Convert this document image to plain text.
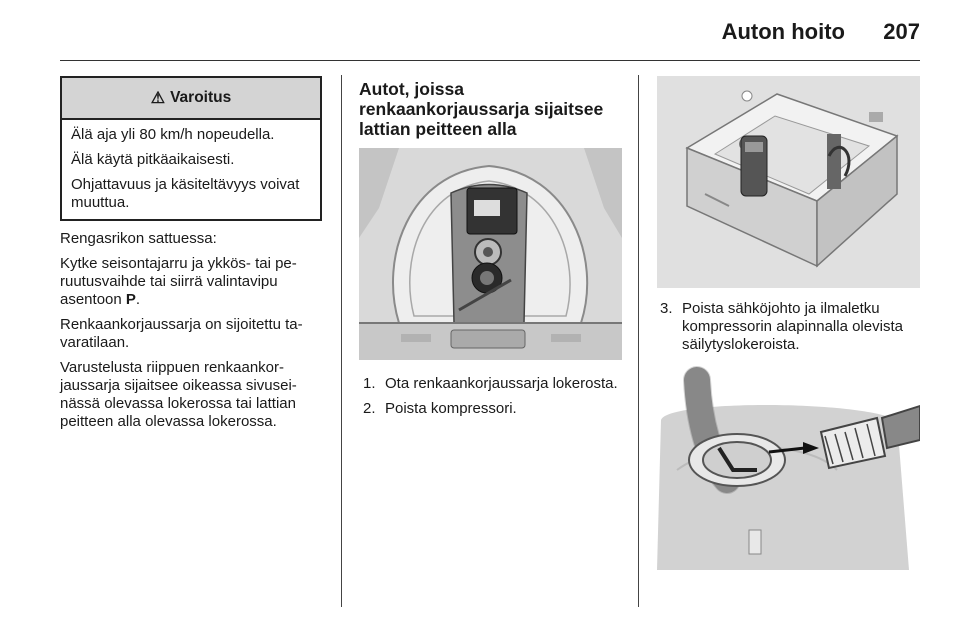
Auton hoito 207
⚠ Varoitus

Älä aja yli 80 km/h nopeudella.

Älä käytä pitkäaikaisesti.

Ohjattavuus ja käsiteltävyys voivat muuttua.

Rengasrikon sattuessa:

Kytke seisontajarru ja ykkös- tai peruutusvaihde tai siirrä valintavipu asentoon P.

Renkaankorjaussarja on sijoitettu tavaratilaan.

Varustelusta riippuen renkaankorjaussarja sijaitsee oikeassa sivuseinässä olevassa lokerossa tai lattian peitteen alla olevassa lokerossa.

Autot, joissa renkaankorjaussarja sijaitsee lattian peitteen alla
1. Ota renkaankorjaussarja lokerosta.
2. Poista kompressori.
3. Poista sähköjohto ja ilmaletku kompressorin alapinnalla olevista säilytyslokeroista.
